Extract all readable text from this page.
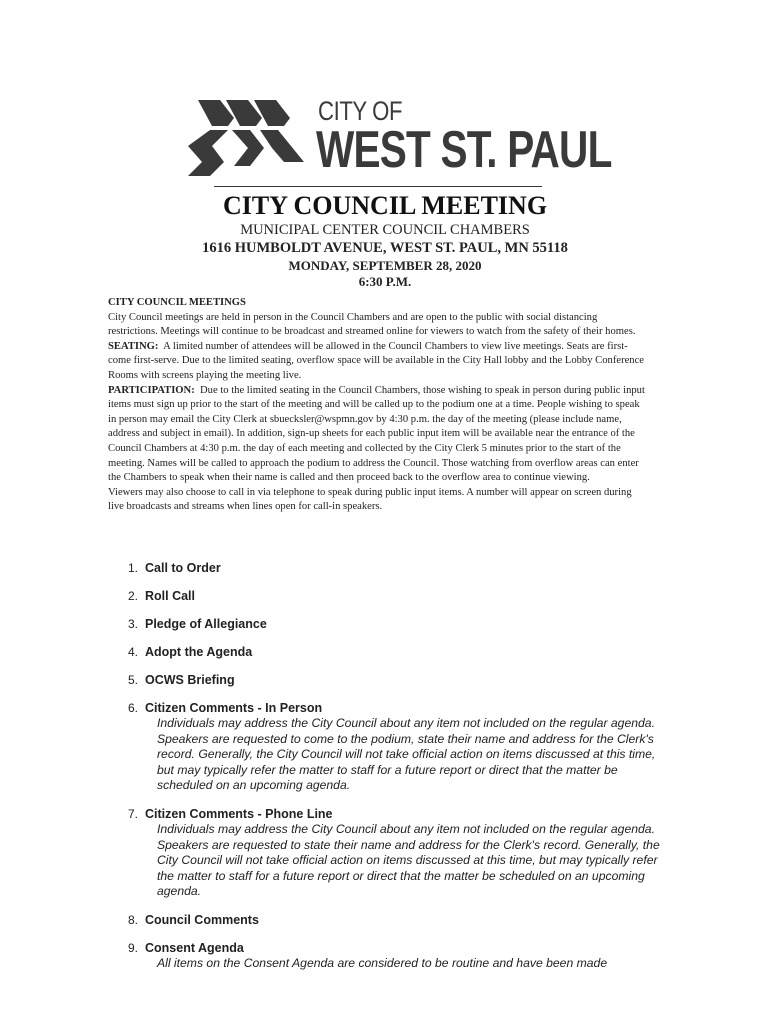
CITY OF
WEST ST. PAUL
CITY COUNCIL MEETING
MUNICIPAL CENTER COUNCIL CHAMBERS
1616 HUMBOLDT AVENUE, WEST ST. PAUL, MN 55118
MONDAY, SEPTEMBER 28, 2020
6:30 P.M.

CITY COUNCIL MEETINGS

City Council meetings are held in person in the Council Chambers and are open to the public with social distancing restrictions. Meetings will continue to be broadcast and streamed online for viewers to watch from the safety of their homes.

SEATING: A limited number of attendees will be allowed in the Council Chambers to view live meetings. Seats are first-come first-serve. Due to the limited seating, overflow space will be available in the City Hall lobby and the Lobby Conference Rooms with screens playing the meeting live.

PARTICIPATION: Due to the limited seating in the Council Chambers, those wishing to speak in person during public input items must sign up prior to the start of the meeting and will be called up to the podium one at a time. People wishing to speak in person may email the City Clerk at sbuecksler@wspmn.gov by 4:30 p.m. the day of the meeting (please include name, address and subject in email). In addition, sign-up sheets for each public input item will be available near the entrance of the Council Chambers at 4:30 p.m. the day of each meeting and collected by the City Clerk 5 minutes prior to the start of the meeting. Names will be called to approach the podium to address the Council. Those watching from overflow areas can enter the Chambers to speak when their name is called and then proceed back to the overflow area to continue viewing.

Viewers may also choose to call in via telephone to speak during public input items. A number will appear on screen during live broadcasts and streams when lines open for call-in speakers.

1. Call to Order
2. Roll Call
3. Pledge of Allegiance
4. Adopt the Agenda
5. OCWS Briefing
6. Citizen Comments - In Person
Individuals may address the City Council about any item not included on the regular agenda. Speakers are requested to come to the podium, state their name and address for the Clerk's record. Generally, the City Council will not take official action on items discussed at this time, but may typically refer the matter to staff for a future report or direct that the matter be scheduled on an upcoming agenda.
7. Citizen Comments - Phone Line
Individuals may address the City Council about any item not included on the regular agenda. Speakers are requested to state their name and address for the Clerk's record. Generally, the City Council will not take official action on items discussed at this time, but may typically refer the matter to staff for a future report or direct that the matter be scheduled on an upcoming agenda.
8. Council Comments
9. Consent Agenda
All items on the Consent Agenda are considered to be routine and have been made
